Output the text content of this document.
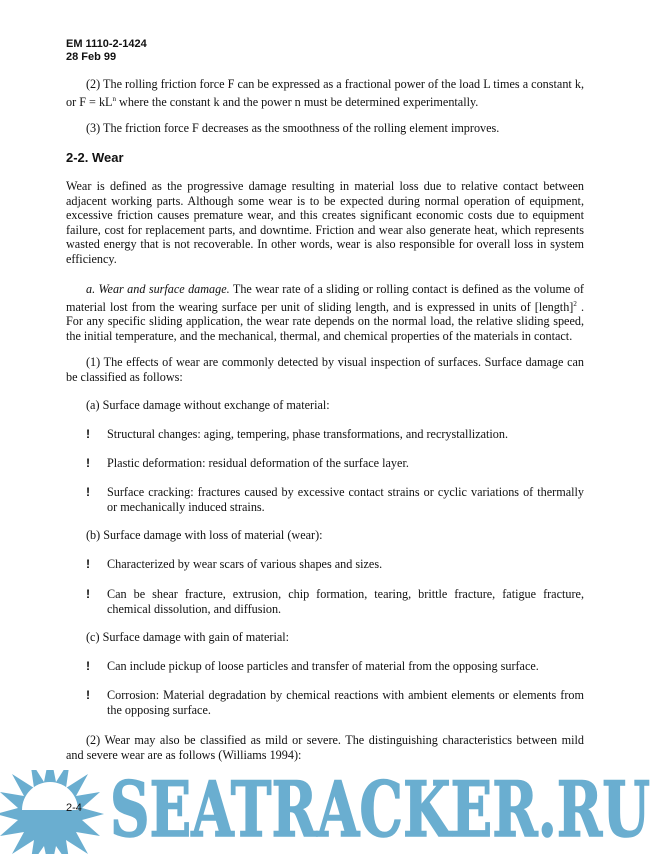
EM 1110-2-1424
28 Feb 99
(2) The rolling friction force F can be expressed as a fractional power of the load L times a constant k, or $F = kL^n$ where the constant k and the power n must be determined experimentally.
(3) The friction force F decreases as the smoothness of the rolling element improves.
2-2. Wear
Wear is defined as the progressive damage resulting in material loss due to relative contact between adjacent working parts. Although some wear is to be expected during normal operation of equipment, excessive friction causes premature wear, and this creates significant economic costs due to equipment failure, cost for replacement parts, and downtime. Friction and wear also generate heat, which represents wasted energy that is not recoverable. In other words, wear is also responsible for overall loss in system efficiency.
a. Wear and surface damage. The wear rate of a sliding or rolling contact is defined as the volume of material lost from the wearing surface per unit of sliding length, and is expressed in units of [length]$^2$ . For any specific sliding application, the wear rate depends on the normal load, the relative sliding speed, the initial temperature, and the mechanical, thermal, and chemical properties of the materials in contact.
(1) The effects of wear are commonly detected by visual inspection of surfaces. Surface damage can be classified as follows:
(a) Surface damage without exchange of material:
! Structural changes: aging, tempering, phase transformations, and recrystallization.
! Plastic deformation: residual deformation of the surface layer.
! Surface cracking: fractures caused by excessive contact strains or cyclic variations of thermally or mechanically induced strains.
(b) Surface damage with loss of material (wear):
! Characterized by wear scars of various shapes and sizes.
! Can be shear fracture, extrusion, chip formation, tearing, brittle fracture, fatigue fracture, chemical dissolution, and diffusion.
(c) Surface damage with gain of material:
! Can include pickup of loose particles and transfer of material from the opposing surface.
! Corrosion: Material degradation by chemical reactions with ambient elements or elements from the opposing surface.
(2) Wear may also be classified as mild or severe. The distinguishing characteristics between mild and severe wear are as follows (Williams 1994):
SEATRACKER.RU
2-4
